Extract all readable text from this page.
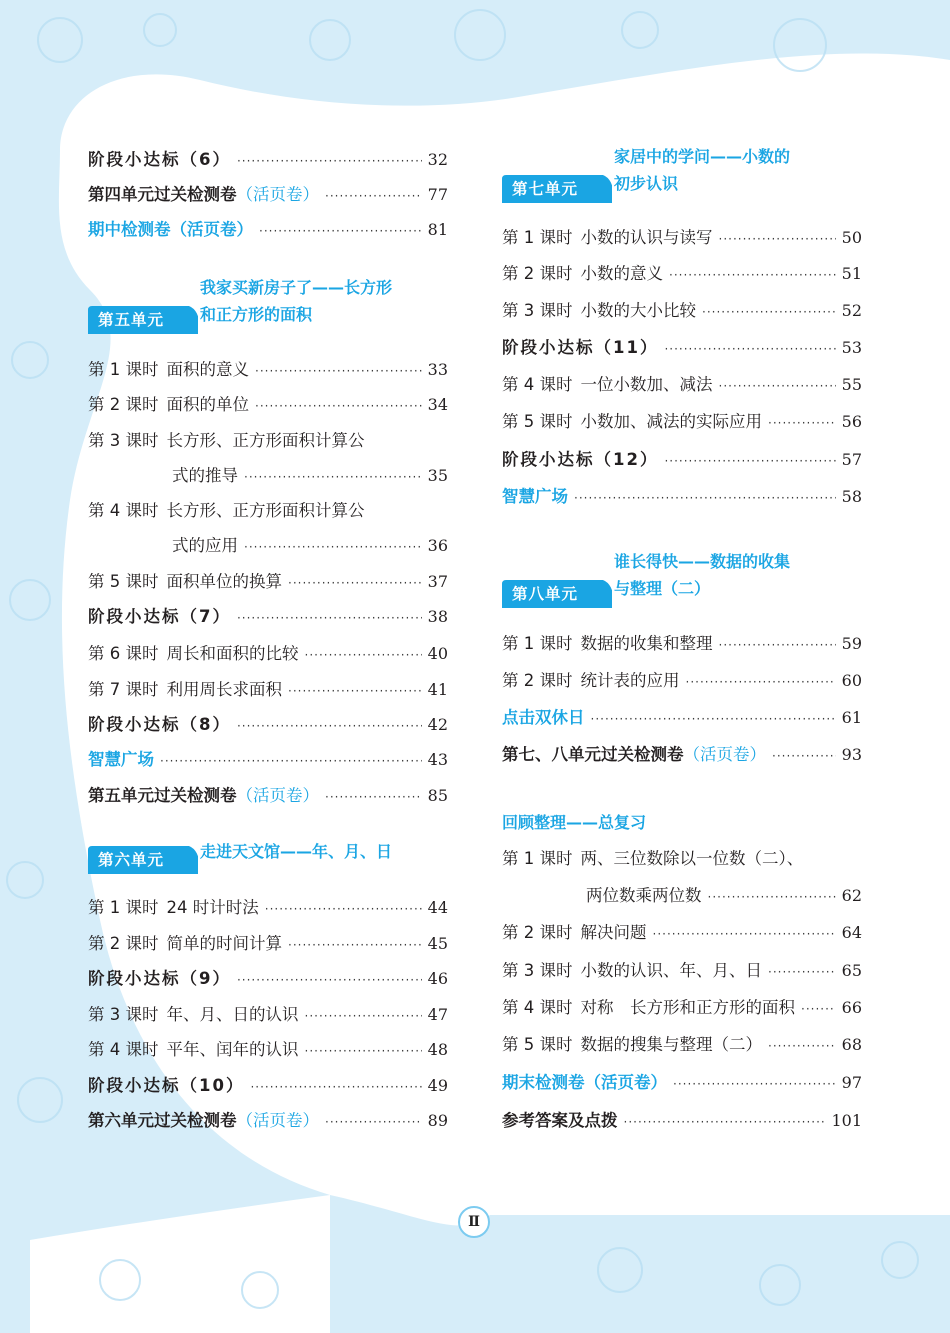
阶段小达标（6） ·····	32
第四单元过关检测卷（活页卷） ·····	77
期中检测卷（活页卷） ·····	81
第五单元
我家买新房子了——长方形
和正方形的面积
第 1 课时 面积的意义 ·····	33
第 2 课时 面积的单位 ·····	34
第 3 课时 长方形、正方形面积计算公
式的推导 ·····	35
第 4 课时 长方形、正方形面积计算公
式的应用 ·····	36
第 5 课时 面积单位的换算 ·····	37
阶段小达标（7） ·····	38
第 6 课时 周长和面积的比较 ·····	40
第 7 课时 利用周长求面积 ·····	41
阶段小达标（8） ·····	42
智慧广场 ·····	43
第五单元过关检测卷（活页卷） ·····	85
第六单元 走进天文馆——年、月、日
第 1 课时 24 时计时法 ·····	44
第 2 课时 简单的时间计算 ·····	45
阶段小达标（9） ·····	46
第 3 课时 年、月、日的认识 ·····	47
第 4 课时 平年、闰年的认识 ·····	48
阶段小达标（10） ·····	49
第六单元过关检测卷（活页卷） ·····	89
第七单元
家居中的学问——小数的
初步认识
第 1 课时 小数的认识与读写 ·····	50
第 2 课时 小数的意义 ·····	51
第 3 课时 小数的大小比较 ·····	52
阶段小达标（11） ·····	53
第 4 课时 一位小数加、减法 ·····	55
第 5 课时 小数加、减法的实际应用 ·····	56
阶段小达标（12） ·····	57
智慧广场 ·····	58
第八单元
谁长得快——数据的收集
与整理（二）
第 1 课时 数据的收集和整理 ·····	59
第 2 课时 统计表的应用 ·····	60
点击双休日 ·····	61
第七、八单元过关检测卷（活页卷） ·····	93
回顾整理——总复习
第 1 课时 两、三位数除以一位数（二）、
两位数乘两位数 ·····	62
第 2 课时 解决问题 ·····	64
第 3 课时 小数的认识、年、月、日 ·····	65
第 4 课时 对称　长方形和正方形的面积 ·····	66
第 5 课时 数据的搜集与整理（二） ·····	68
期末检测卷（活页卷） ·····	97
参考答案及点拨 ·····	101
Ⅱ
